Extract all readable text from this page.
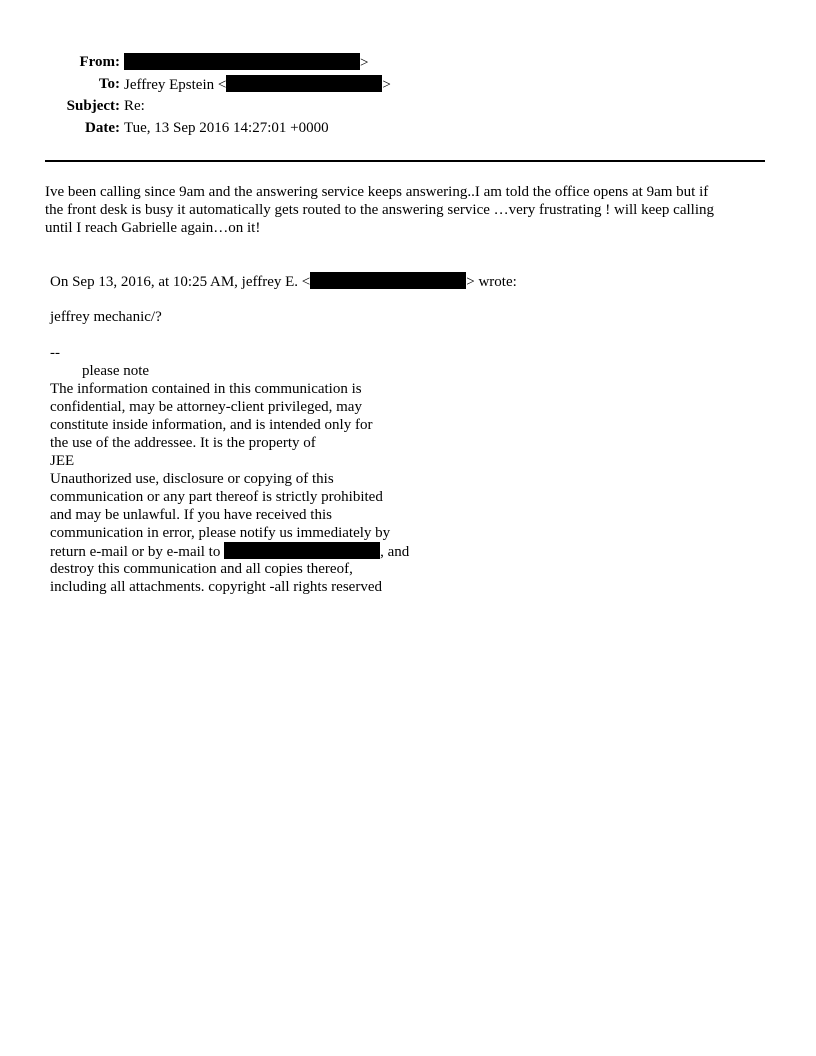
From:	>
To: Jeffrey Epstein <	>
Subject: Re:
Date: Tue, 13 Sep 2016 14:27:01 +0000
Ive been calling since 9am and the answering service keeps answering..I am told the office opens at 9am but if
the front desk is busy it automatically gets routed to the answering service …very frustrating ! will keep calling
until I reach Gabrielle again…on it!
On Sep 13, 2016, at 10:25 AM, jeffrey E. <	> wrote:
jeffrey mechanic/?
--
please note
The information contained in this communication is
confidential, may be attorney-client privileged, may
constitute inside information, and is intended only for
the use of the addressee. It is the property of
JEE
Unauthorized use, disclosure or copying of this
communication or any part thereof is strictly prohibited
and may be unlawful. If you have received this
communication in error, please notify us immediately by
return e-mail or by e-mail to	, and
destroy this communication and all copies thereof,
including all attachments. copyright -all rights reserved
